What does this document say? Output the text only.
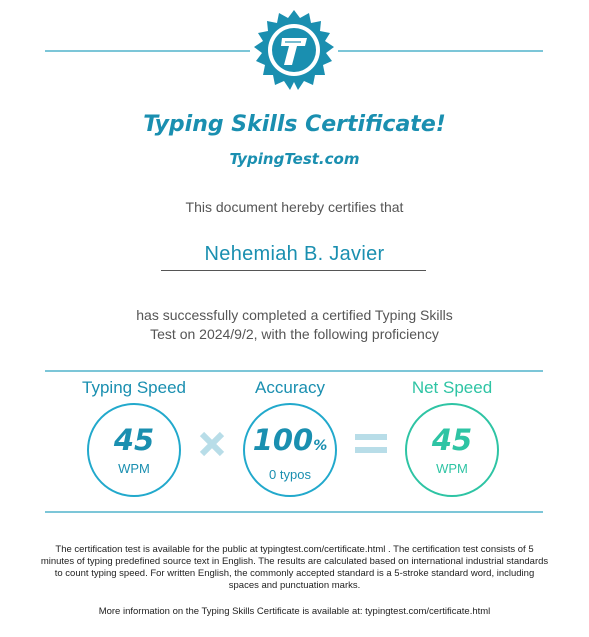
Typing Skills Certificate!
TypingTest.com
This document hereby certifies that
Nehemiah B. Javier
has successfully completed a certified Typing Skills
Test on 2024/9/2, with the following proficiency
Typing Speed	Accuracy	Net Speed
45
WPM
100%
0 typos
45
WPM
The certification test is available for the public at typingtest.com/certificate.html . The certification test consists of 5 minutes of typing predefined source text in English. The results are calculated based on international industrial standards to count typing speed. For written English, the commonly accepted standard is a 5-stroke standard word, including spaces and punctuation marks.
More information on the Typing Skills Certificate is available at: typingtest.com/certificate.html
